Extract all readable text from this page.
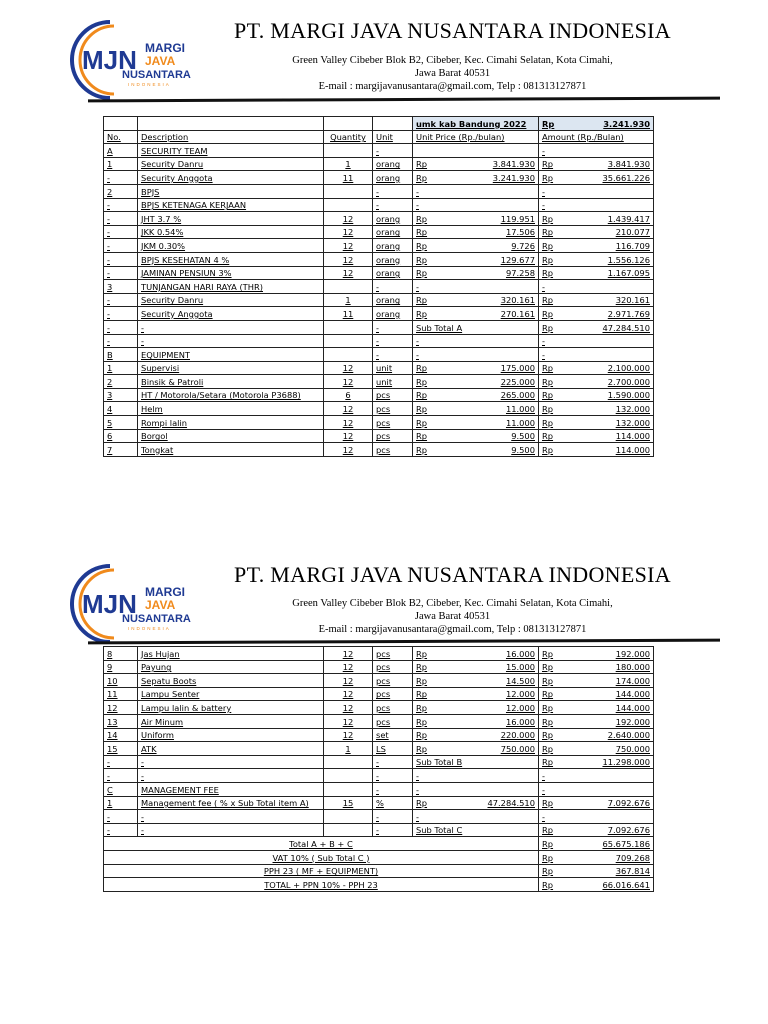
MJN MARGI
JAVA
NUSANTARA
INDONESIA
PT. MARGI JAVA NUSANTARA INDONESIA
Green Valley Cibeber Blok B2, Cibeber, Kec. Cimahi Selatan, Kota Cimahi,
Jawa Barat 40531
E-mail : margijavanusantara@gmail.com, Telp : 081313127871
				umk kab Bandung 2022	Rp 3.241.930

No.	Description	Quantity	Unit	Unit Price (Rp./bulan)	Amount (Rp./Bulan)
A	SECURITY TEAM		-		-
1	Security Danru	1	orang	Rp 3.841.930	Rp 3.841.930

-	Security Anggota	11	orang	Rp 3.241.930	Rp 35.661.226

2	BPJS		-	-	-
-	BPJS KETENAGA KERJAAN		-	-	-
-	JHT 3.7 %	12	orang	Rp 119.951	Rp 1.439.417

-	JKK 0.54%	12	orang	Rp 17.506	Rp 210.077

-	JKM 0.30%	12	orang	Rp 9.726	Rp 116.709

-	BPJS KESEHATAN 4 %	12	orang	Rp 129.677	Rp 1.556.126

-	JAMINAN PENSIUN 3%	12	orang	Rp 97.258	Rp 1.167.095

3	TUNJANGAN HARI RAYA (THR)		-	-	-
-	Security Danru	1	orang	Rp 320.161	Rp 320.161

-	Security Anggota	11	orang	Rp 270.161	Rp 2.971.769

-	-		-	Sub Total A	Rp 47.284.510

-	-		-	-	-
B	EQUIPMENT		-	-	-
1	Supervisi	12	unit	Rp 175.000	Rp 2.100.000

2	Binsik & Patroli	12	unit	Rp 225.000	Rp 2.700.000

3	HT / Motorola/Setara (Motorola P3688)	6	pcs	Rp 265.000	Rp 1.590.000

4	Helm	12	pcs	Rp 11.000	Rp 132.000

5	Rompi lalin	12	pcs	Rp 11.000	Rp 132.000

6	Borgol	12	pcs	Rp 9.500	Rp 114.000

7	Tongkat	12	pcs	Rp 9.500	Rp 114.000
MJN MARGI
JAVA
NUSANTARA
INDONESIA
PT. MARGI JAVA NUSANTARA INDONESIA
Green Valley Cibeber Blok B2, Cibeber, Kec. Cimahi Selatan, Kota Cimahi,
Jawa Barat 40531
E-mail : margijavanusantara@gmail.com, Telp : 081313127871
8	Jas Hujan	12	pcs	Rp 16.000	Rp 192.000

9	Payung	12	pcs	Rp 15.000	Rp 180.000

10	Sepatu Boots	12	pcs	Rp 14.500	Rp 174.000

11	Lampu Senter	12	pcs	Rp 12.000	Rp 144.000

12	Lampu lalin & battery	12	pcs	Rp 12.000	Rp 144.000

13	Air Minum	12	pcs	Rp 16.000	Rp 192.000

14	Uniform	12	set	Rp 220.000	Rp 2.640.000

15	ATK	1	LS	Rp 750.000	Rp 750.000

-	-		-	Sub Total B	Rp 11.298.000

-	-		-	-	-
C	MANAGEMENT FEE		-	-	-
1	Management fee ( % x Sub Total item A)	15	%	Rp 47.284.510	Rp 7.092.676

-	-		-	-	-
-	-		-	Sub Total C	Rp 7.092.676

Total A + B + C					Rp 65.675.186

VAT 10% ( Sub Total C )					Rp 709.268

PPH 23 ( MF + EQUIPMENT)					Rp 367.814

TOTAL + PPN 10% - PPH 23					Rp 66.016.641
